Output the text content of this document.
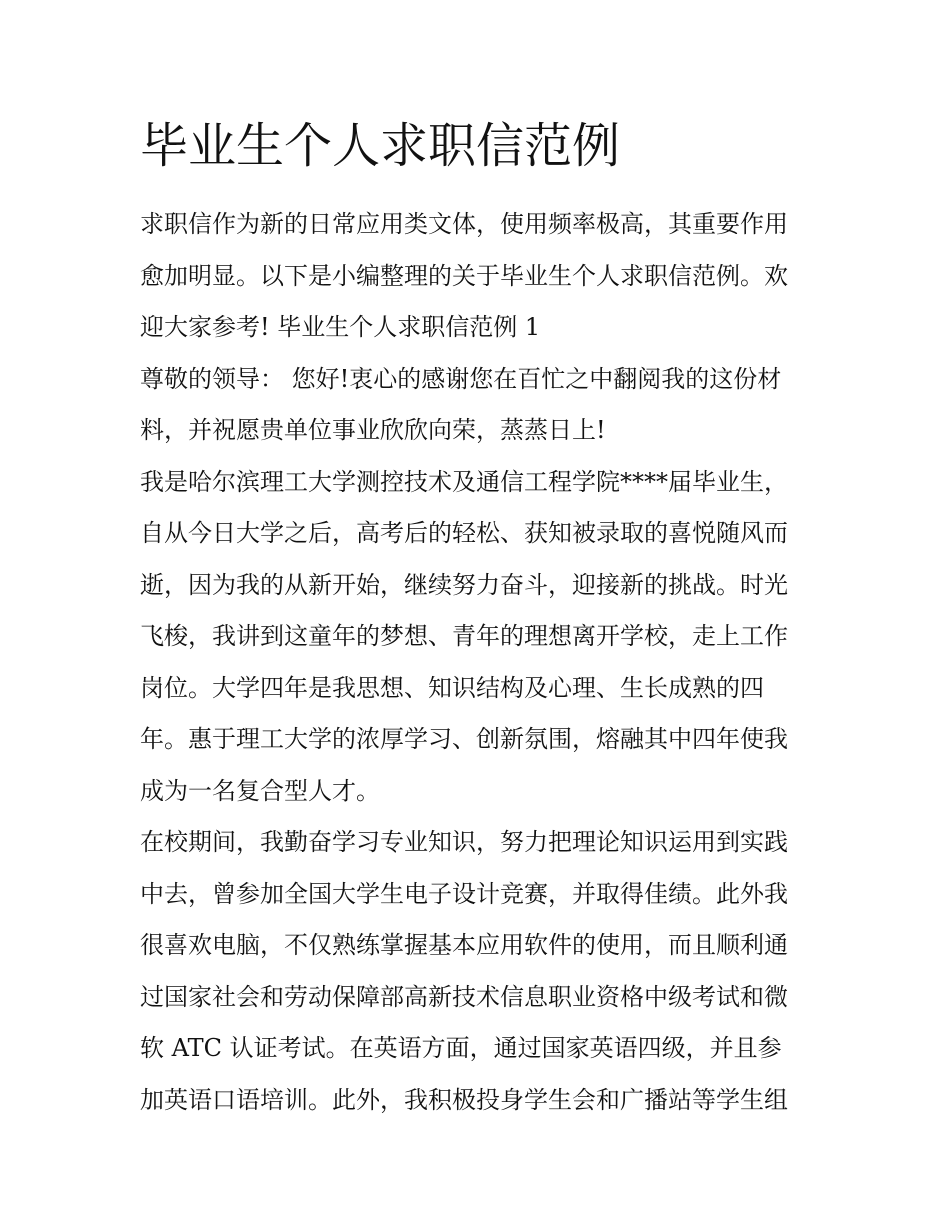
毕业生个人求职信范例

求职信作为新的日常应用类文体，使用频率极高，其重要作用
愈加明显。以下是小编整理的关于毕业生个人求职信范例。欢
迎大家参考! 毕业生个人求职信范例 1

尊敬的领导： 您好!衷心的感谢您在百忙之中翻阅我的这份材
料，并祝愿贵单位事业欣欣向荣，蒸蒸日上!

我是哈尔滨理工大学测控技术及通信工程学院****届毕业生，
自从今日大学之后，高考后的轻松、获知被录取的喜悦随风而
逝，因为我的从新开始，继续努力奋斗，迎接新的挑战。时光
飞梭，我讲到这童年的梦想、青年的理想离开学校，走上工作
岗位。大学四年是我思想、知识结构及心理、生长成熟的四
年。惠于理工大学的浓厚学习、创新氛围，熔融其中四年使我
成为一名复合型人才。

在校期间，我勤奋学习专业知识，努力把理论知识运用到实践
中去，曾参加全国大学生电子设计竞赛，并取得佳绩。此外我
很喜欢电脑，不仅熟练掌握基本应用软件的使用，而且顺利通
过国家社会和劳动保障部高新技术信息职业资格中级考试和微
软 ATC 认证考试。在英语方面，通过国家英语四级，并且参
加英语口语培训。此外，我积极投身学生会和广播站等学生组
